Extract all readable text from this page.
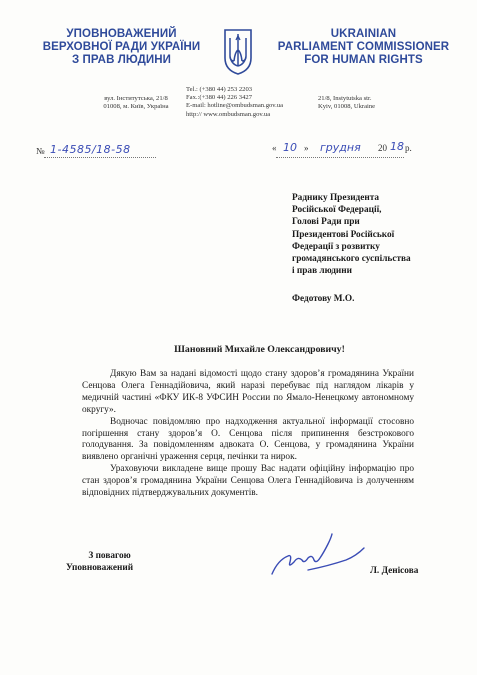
УПОВНОВАЖЕНИЙ
ВЕРХОВНОЇ РАДИ УКРАЇНИ
З ПРАВ ЛЮДИНИ
UKRAINIAN
PARLIAMENT COMMISSIONER
FOR HUMAN RIGHTS
вул. Інститутська, 21/8
01008, м. Київ, Україна
Tel.: (+380 44) 253 2203
Fax.:(+380 44) 226 3427
E-mail: hotline@ombudsman.gov.ua
http:// www.ombudsman.gov.ua
21/8, Instytutska str.
Kyiv, 01008, Ukraine
№ 1-4585/18-58	« 10 » грудня 20 18 р.
Раднику Президента
Російської Федерації,
Голові Ради при
Президентові Російської
Федерації з розвитку
громадянського суспільства
і прав людини
Федотову М.О.
Шановний Михайле Олександровичу!

Дякую Вам за надані відомості щодо стану здоров’я громадянина України Сенцова Олега Геннадійовича, який наразі перебуває під наглядом лікарів у медичній частині «ФКУ ИК-8 УФСИН России по Ямало-Ненецкому автономному округу».

Водночас повідомляю про надходження актуальної інформації стосовно погіршення стану здоров’я О. Сенцова після припинення безстрокового голодування. За повідомленням адвоката О. Сенцова, у громадянина України виявлено органічні ураження серця, печінки та нирок.

Ураховуючи викладене вище прошу Вас надати офіційну інформацію про стан здоров’я громадянина України Сенцова Олега Геннадійовича із долученням відповідних підтверджувальних документів.

З повагою
Уповноважений	Л. Денісова
